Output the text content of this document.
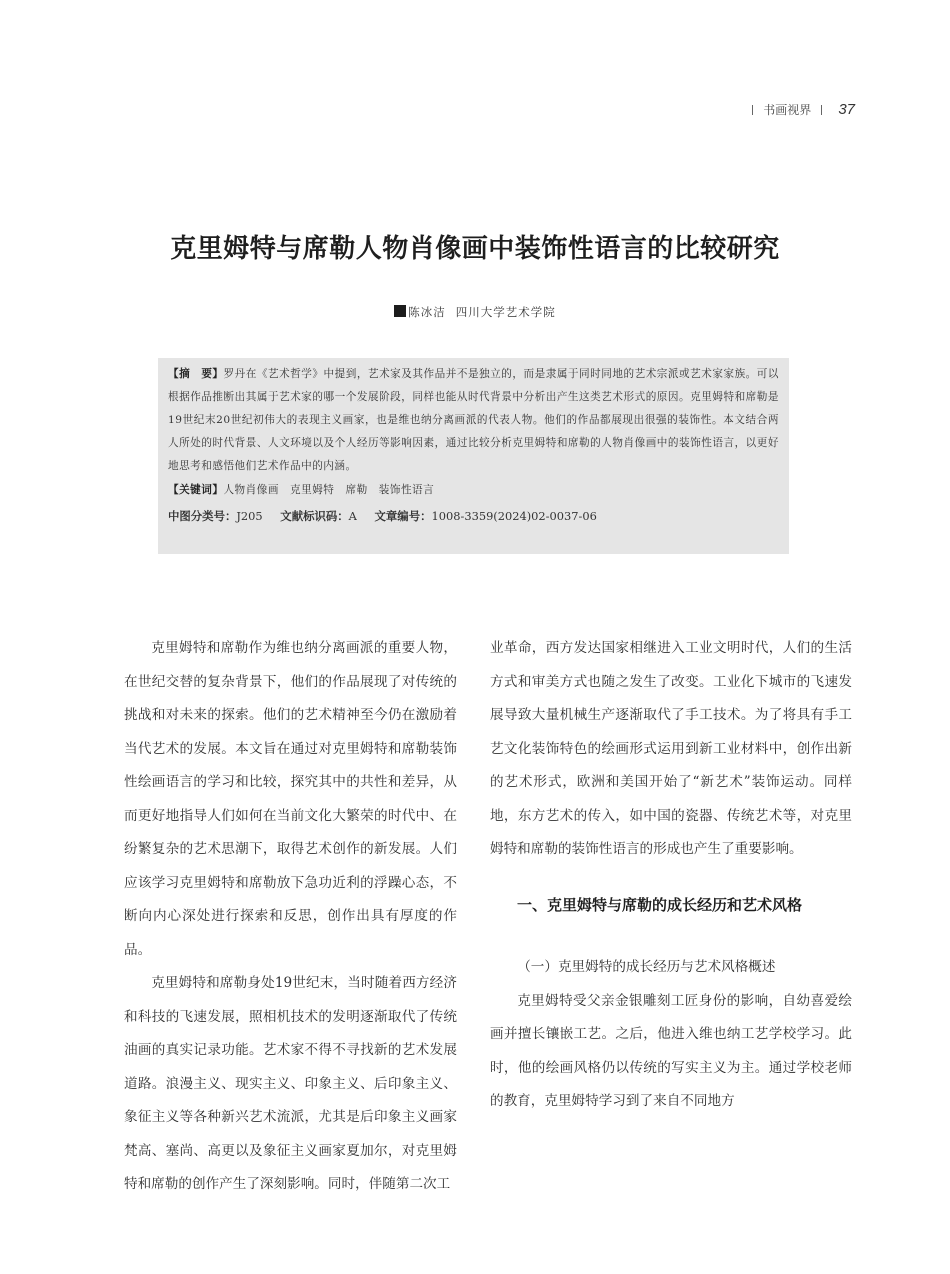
书画视界 37
克里姆特与席勒人物肖像画中装饰性语言的比较研究
陈冰洁 四川大学艺术学院
【摘　要】罗丹在《艺术哲学》中提到，艺术家及其作品并不是独立的，而是隶属于同时同地的艺术宗派或艺术家家族。可以根据作品推断出其属于艺术家的哪一个发展阶段，同样也能从时代背景中分析出产生这类艺术形式的原因。克里姆特和席勒是19世纪末20世纪初伟大的表现主义画家，也是维也纳分离画派的代表人物。他们的作品都展现出很强的装饰性。本文结合两人所处的时代背景、人文环境以及个人经历等影响因素，通过比较分析克里姆特和席勒的人物肖像画中的装饰性语言，以更好地思考和感悟他们艺术作品中的内涵。
【关键词】人物肖像画　克里姆特　席勒　装饰性语言
中图分类号：J205 文献标识码：A 文章编号：1008-3359(2024)02-0037-06

克里姆特和席勒作为维也纳分离画派的重要人物，在世纪交替的复杂背景下，他们的作品展现了对传统的挑战和对未来的探索。他们的艺术精神至今仍在激励着当代艺术的发展。本文旨在通过对克里姆特和席勒装饰性绘画语言的学习和比较，探究其中的共性和差异，从而更好地指导人们如何在当前文化大繁荣的时代中、在纷繁复杂的艺术思潮下，取得艺术创作的新发展。人们应该学习克里姆特和席勒放下急功近利的浮躁心态，不断向内心深处进行探索和反思，创作出具有厚度的作品。

克里姆特和席勒身处19世纪末，当时随着西方经济和科技的飞速发展，照相机技术的发明逐渐取代了传统油画的真实记录功能。艺术家不得不寻找新的艺术发展道路。浪漫主义、现实主义、印象主义、后印象主义、象征主义等各种新兴艺术流派，尤其是后印象主义画家梵高、塞尚、高更以及象征主义画家夏加尔，对克里姆特和席勒的创作产生了深刻影响。同时，伴随第二次工

业革命，西方发达国家相继进入工业文明时代，人们的生活方式和审美方式也随之发生了改变。工业化下城市的飞速发展导致大量机械生产逐渐取代了手工技术。为了将具有手工艺文化装饰特色的绘画形式运用到新工业材料中，创作出新的艺术形式，欧洲和美国开始了“新艺术”装饰运动。同样地，东方艺术的传入，如中国的瓷器、传统艺术等，对克里姆特和席勒的装饰性语言的形成也产生了重要影响。

一、克里姆特与席勒的成长经历和艺术风格

（一）克里姆特的成长经历与艺术风格概述

克里姆特受父亲金银雕刻工匠身份的影响，自幼喜爱绘画并擅长镶嵌工艺。之后，他进入维也纳工艺学校学习。此时，他的绘画风格仍以传统的写实主义为主。通过学校老师的教育，克里姆特学习到了来自不同地方
